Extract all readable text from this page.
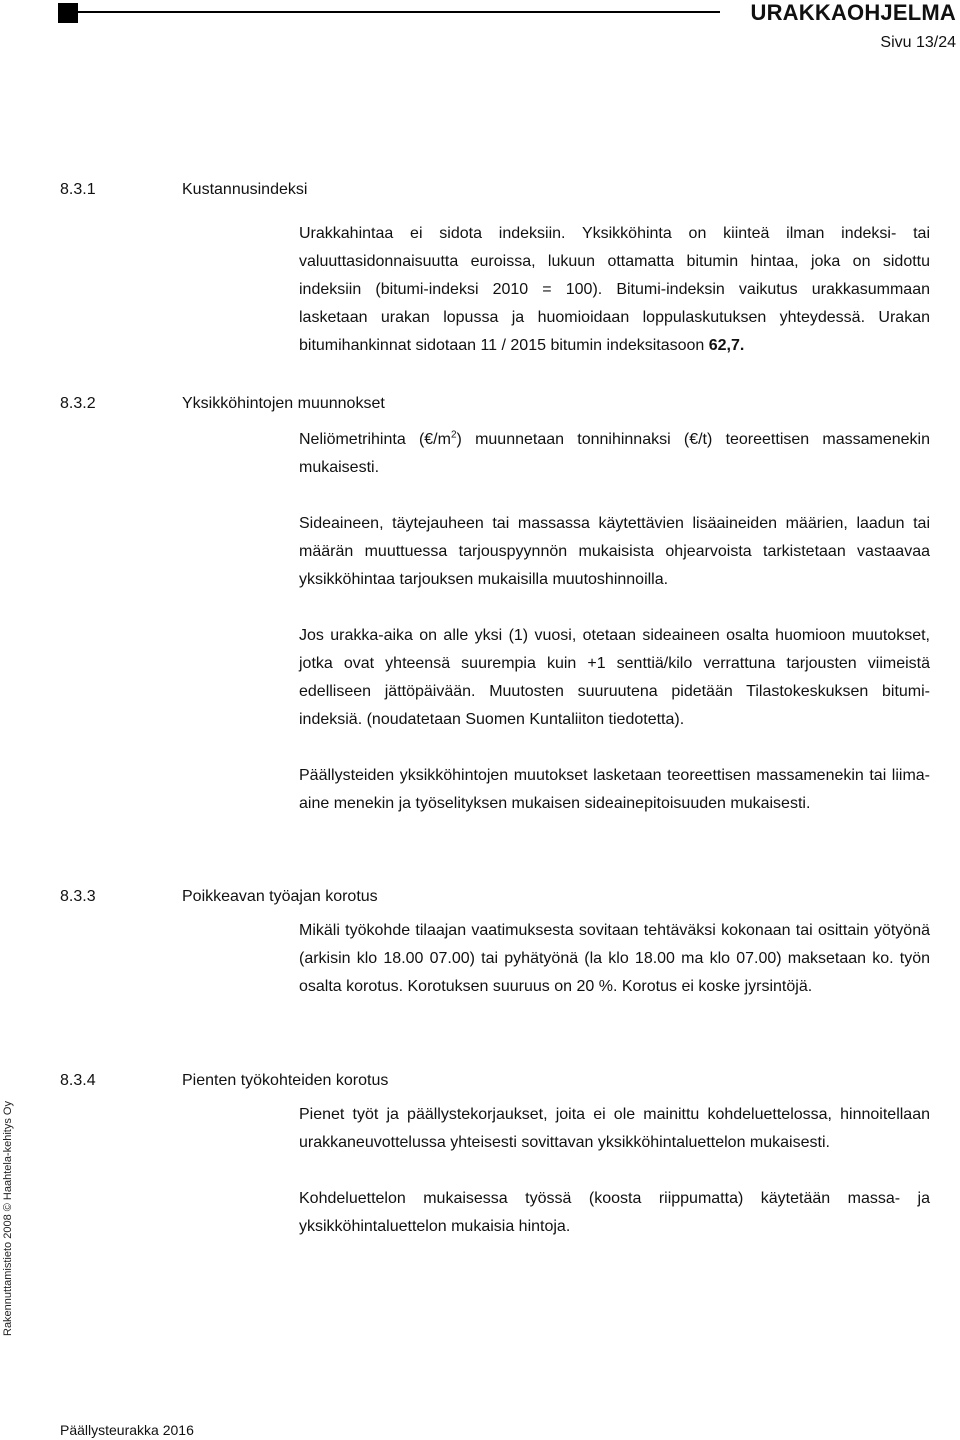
URAKKAOHJELMA
Sivu 13/24
8.3.1	Kustannusindeksi

Urakkahintaa ei sidota indeksiin. Yksikköhinta on kiinteä ilman indeksi- tai valuuttasidonnaisuutta euroissa, lukuun ottamatta bitumin hintaa, joka on sidottu indeksiin (bitumi-indeksi 2010 = 100). Bitumi-indeksin vaikutus urakkasummaan lasketaan urakan lopussa ja huomioidaan loppulaskutuksen yhteydessä. Urakan bitumihankinnat sidotaan 11 / 2015 bitumin indeksitasoon 62,7.

8.3.2	Yksikköhintojen muunnokset

Neliömetrihinta $(€/m^2)$ muunnetaan tonnihinnaksi (€/t) teoreettisen massamenekin mukaisesti.

Sideaineen, täytejauheen tai massassa käytettävien lisäaineiden määrien, laadun tai määrän muuttuessa tarjouspyynnön mukaisista ohjearvoista tarkistetaan vastaavaa yksikköhintaa tarjouksen mukaisilla muutoshinnoilla.

Jos urakka-aika on alle yksi (1) vuosi, otetaan sideaineen osalta huomioon muutokset, jotka ovat yhteensä suurempia kuin +1 senttiä/kilo verrattuna tarjousten viimeistä edelliseen jättöpäivään. Muutosten suuruutena pidetään Tilastokeskuksen bitumi-indeksiä. (noudatetaan Suomen Kuntaliiton tiedotetta).

Päällysteiden yksikköhintojen muutokset lasketaan teoreettisen massamenekin tai liima-aine menekin ja työselityksen mukaisen sideainepitoisuuden mukaisesti.

8.3.3	Poikkeavan työajan korotus

Mikäli työkohde tilaajan vaatimuksesta sovitaan tehtäväksi kokonaan tai osittain yötyönä (arkisin klo 18.00 07.00) tai pyhätyönä (la klo 18.00 ma klo 07.00) maksetaan ko. työn osalta korotus. Korotuksen suuruus on 20 %. Korotus ei koske jyrsintöjä.

8.3.4	Pienten työkohteiden korotus

Pienet työt ja päällystekorjaukset, joita ei ole mainittu kohdeluettelossa, hinnoitellaan urakkaneuvottelussa yhteisesti sovittavan yksikköhintaluettelon mukaisesti.

Kohdeluettelon mukaisessa työssä (koosta riippumatta) käytetään massa- ja yksikköhintaluettelon mukaisia hintoja.

Rakennuttamistieto 2008 © Haahtela-kehitys Oy
Päällysteurakka 2016
